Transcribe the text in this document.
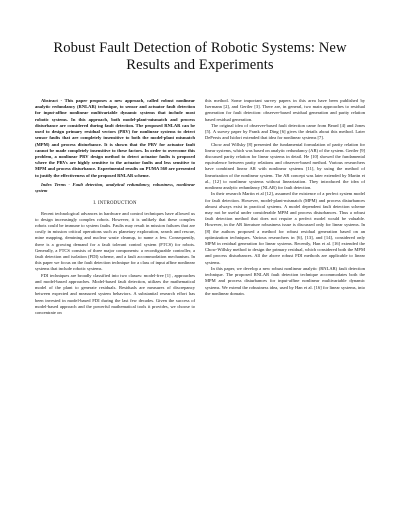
Robust Fault Detection of Robotic Systems: New Results and Experiments

Abstract - This paper proposes a new approach, called robust nonlinear analytic redundancy (RNLAR) technique, to sensor and actuator fault detection for input-affine nonlinear multivariable dynamic systems that include most robotic systems. In this approach, both model-plant-mismatch and process disturbance are considered during fault detection. The proposed RNLAR can be used to design primary residual vectors (PRV) for nonlinear systems to detect sensor faults that are completely insensitive to both the model-plant mismatch (MPM) and process disturbance. It is shown that the PRV for actuator fault cannot be made completely insensitive to these factors. In order to overcome this problem, a nonlinear PRV design method to detect actuator faults is proposed where the PRVs are highly sensitive to the actuator faults and less sensitive to MPM and process disturbance. Experimental results on PUMA 560 are presented to justify the effectiveness of the proposed RNLAR scheme.

Index Terms - Fault detection, analytical redundancy, robustness, nonlinear system

I. INTRODUCTION

Recent technological advances in hardware and control techniques have allowed us to design increasingly complex robots. However, it is unlikely that these complex robots could be immune to system faults. Faults may result in mission failures that are costly in mission critical operations such as planetary exploration, search and rescue, mine mapping, demining and nuclear waste cleanup, to name a few. Consequently, there is a growing demand for a fault tolerant control system (FTCS) for robots. Generally, a FTCS consists of three major components: a reconfigurable controller, a fault detection and isolation (FDI) scheme, and a fault accommodation mechanism. In this paper we focus on the fault detection technique for a class of input affine nonlinear systems that include robotic systems.

FDI techniques are broadly classified into two classes: model-free [1] , approaches and model-based approaches. Model-based fault detection, utilizes the mathematical model of the plant to generate residuals. Residuals are measures of discrepancy between expected and measured system behaviors. A substantial research effort has been invested in model-based FDI during the last few decades. Given the success of model-based approach and the powerful mathematical tools it provides, we choose to concentrate on

this method. Some important survey papers in this area have been published by Isermann [2], and Gertler [3]. There are, in general, two main approaches to residual generation for fault detection: observer-based residual generation and parity relation based residual generation.

The original idea of observer-based fault detection came from Beard [4] and Jones [5]. A survey paper by Frank and Ding [6] gives the details about this method. Later DePersis and Isidori extended that idea for nonlinear systems [7].

Chow and Willsky [8] presented the fundamental formulation of parity relation for linear systems, which was based on analytic redundancy (AR) of the system. Gertler [9] discussed parity relation for linear systems in detail. He [10] showed the fundamental equivalence between parity relations and observer-based method. Various researchers have combined linear AR with nonlinear systems [11], by using the method of linearization of the nonlinear system. The AR concept was later extended by Martin et al., [12] to nonlinear systems without linearization. They introduced the idea of nonlinear analytic redundancy (NLAR) for fault detection.

In their research Martin et al [12], assumed the existence of a perfect system model for fault detection. However, model-plant-mismatch (MPM) and process disturbances almost always exist in practical systems. A model dependent fault detection scheme may not be useful under considerable MPM and process disturbances. Thus a robust fault detection method that does not require a perfect model would be valuable. However, in the AR literature robustness issue is discussed only for linear systems. In [8] the authors proposed a method for robust residual generation based on an optimization techniques. Various researchers in [6], [13], and [14], considered only MPM in residual generation for linear systems. Recently, Han et al. [16] extended the Chow-Willsky method to design the primary residual, which considered both the MPM and process disturbances. All the above robust FDI methods are applicable to linear systems.

In this paper, we develop a new robust nonlinear analytic (RNLAR) fault detection technique. The proposed RNLAR fault detection technique accommodates both the MPM and process disturbances for input-affine nonlinear multivariable dynamic systems. We extend the robustness idea, used by Han et al. [16] for linear systems, into the nonlinear domain.
